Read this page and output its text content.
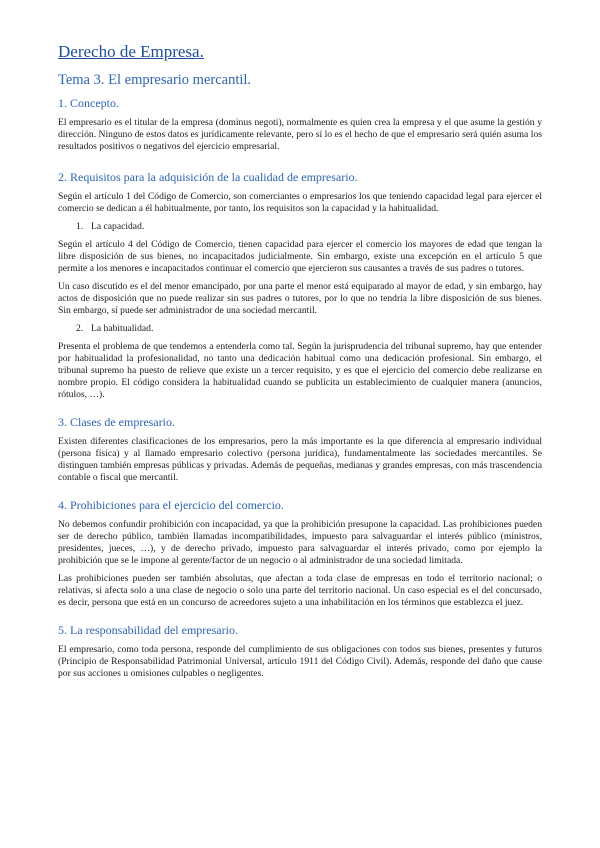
Derecho de Empresa.
Tema 3. El empresario mercantil.
1. Concepto.

El empresario es el titular de la empresa (dominus negoti), normalmente es quien crea la empresa y el que asume la gestión y dirección. Ninguno de estos datos es jurídicamente relevante, pero sí lo es el hecho de que el empresario será quién asuma los resultados positivos o negativos del ejercicio empresarial.

2. Requisitos para la adquisición de la cualidad de empresario.

Según el artículo 1 del Código de Comercio, son comerciantes o empresarios los que teniendo capacidad legal para ejercer el comercio se dedican a él habitualmente, por tanto, los requisitos son la capacidad y la habitualidad.

1. La capacidad.

Según el artículo 4 del Código de Comercio, tienen capacidad para ejercer el comercio los mayores de edad que tengan la libre disposición de sus bienes, no incapacitados judicialmente. Sin embargo, existe una excepción en el artículo 5 que permite a los menores e incapacitados continuar el comercio que ejercieron sus causantes a través de sus padres o tutores.

Un caso discutido es el del menor emancipado, por una parte el menor está equiparado al mayor de edad, y sin embargo, hay actos de disposición que no puede realizar sin sus padres o tutores, por lo que no tendría la libre disposición de sus bienes. Sin embargo, sí puede ser administrador de una sociedad mercantil.

2. La habitualidad.

Presenta el problema de que tendemos a entenderla como tal. Según la jurisprudencia del tribunal supremo, hay que entender por habitualidad la profesionalidad, no tanto una dedicación habitual como una dedicación profesional. Sin embargo, el tribunal supremo ha puesto de relieve que existe un a tercer requisito, y es que el ejercicio del comercio debe realizarse en nombre propio. El código considera la habitualidad cuando se publicita un establecimiento de cualquier manera (anuncios, rótulos, …).

3. Clases de empresario.

Existen diferentes clasificaciones de los empresarios, pero la más importante es la que diferencia al empresario individual (persona física) y al llamado empresario colectivo (persona jurídica), fundamentalmente las sociedades mercantiles. Se distinguen también empresas públicas y privadas. Además de pequeñas, medianas y grandes empresas, con más trascendencia contable o fiscal que mercantil.

4. Prohibiciones para el ejercicio del comercio.

No debemos confundir prohibición con incapacidad, ya que la prohibición presupone la capacidad. Las prohibiciones pueden ser de derecho público, también llamadas incompatibilidades, impuesto para salvaguardar el interés público (ministros, presidentes, jueces, …), y de derecho privado, impuesto para salvaguardar el interés privado, como por ejemplo la prohibición que se le impone al gerente/factor de un negocio o al administrador de una sociedad limitada.

Las prohibiciones pueden ser también absolutas, que afectan a toda clase de empresas en todo el territorio nacional; o relativas, si afecta solo a una clase de negocio o solo una parte del territorio nacional. Un caso especial es el del concursado, es decir, persona que está en un concurso de acreedores sujeto a una inhabilitación en los términos que establezca el juez.

5. La responsabilidad del empresario.

El empresario, como toda persona, responde del cumplimiento de sus obligaciones con todos sus bienes, presentes y futuros (Principio de Responsabilidad Patrimonial Universal, artículo 1911 del Código Civil). Además, responde del daño que cause por sus acciones u omisiones culpables o negligentes.
